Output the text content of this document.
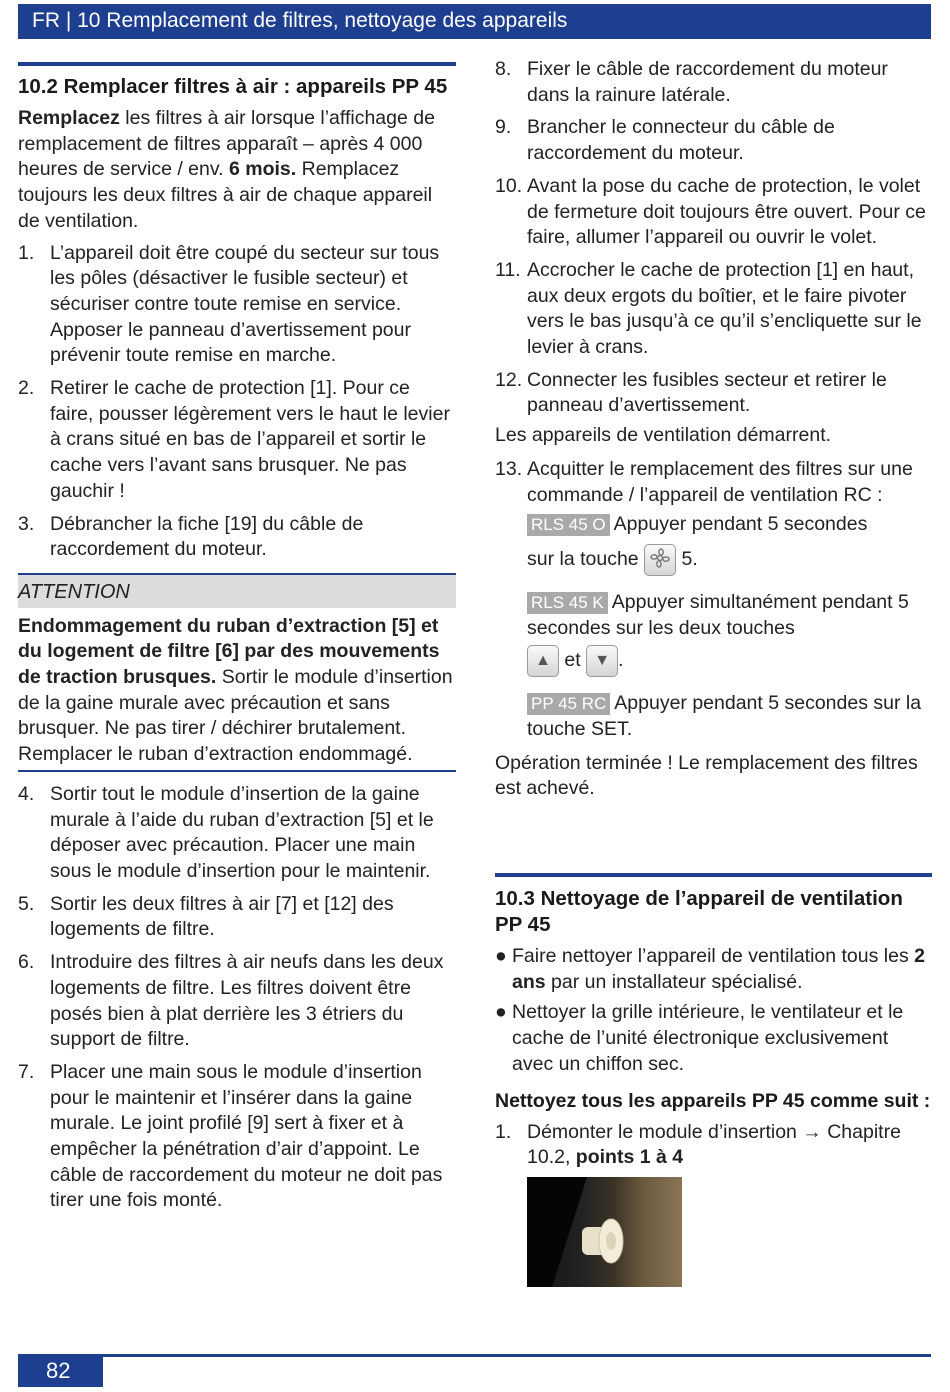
FR | 10 Remplacement de filtres, nettoyage des appareils
10.2 Remplacer filtres à air : appareils PP 45

Remplacez les filtres à air lorsque l’affichage de remplacement de filtres apparaît – après 4 000 heures de service / env. 6 mois. Remplacez toujours les deux filtres à air de chaque appareil de ventilation.

1. L’appareil doit être coupé du secteur sur tous les pôles (désactiver le fusible secteur) et sécuriser contre toute remise en service. Apposer le panneau d’avertissement pour prévenir toute remise en marche.
2. Retirer le cache de protection [1]. Pour ce faire, pousser légèrement vers le haut le levier à crans situé en bas de l’appareil et sortir le cache vers l’avant sans brusquer. Ne pas gauchir !
3. Débrancher la fiche [19] du câble de raccordement du moteur.
ATTENTION

Endommagement du ruban d’extraction [5] et du logement de filtre [6] par des mouvements de traction brusques. Sortir le module d’insertion de la gaine murale avec précaution et sans brusquer. Ne pas tirer / déchirer brutalement. Remplacer le ruban d’extraction endommagé.

4. Sortir tout le module d’insertion de la gaine murale à l’aide du ruban d’extraction [5] et le déposer avec précaution. Placer une main sous le module d’insertion pour le maintenir.
5. Sortir les deux filtres à air [7] et [12] des logements de filtre.
6. Introduire des filtres à air neufs dans les deux logements de filtre. Les filtres doivent être posés bien à plat derrière les 3 étriers du support de filtre.
7. Placer une main sous le module d’insertion pour le maintenir et l’insérer dans la gaine murale. Le joint profilé [9] sert à fixer et à empêcher la pénétration d’air d’appoint. Le câble de raccordement du moteur ne doit pas tirer une fois monté.
8. Fixer le câble de raccordement du moteur dans la rainure latérale.
9. Brancher le connecteur du câble de raccordement du moteur.
10. Avant la pose du cache de protection, le volet de fermeture doit toujours être ouvert. Pour ce faire, allumer l’appareil ou ouvrir le volet.
11. Accrocher le cache de protection [1] en haut, aux deux ergots du boîtier, et le faire pivoter vers le bas jusqu’à ce qu’il s’encliquette sur le levier à crans.
12. Connecter les fusibles secteur et retirer le panneau d’avertissement.

Les appareils de ventilation démarrent.

13. Acquitter le remplacement des filtres sur une commande / l’appareil de ventilation RC :
RLS 45 O Appuyer pendant 5 secondes

sur la touche 5.
RLS 45 K Appuyer simultanément pendant 5 secondes sur les deux touches
▲ et ▼ .
PP 45 RC Appuyer pendant 5 secondes sur la touche SET.

Opération terminée ! Le remplacement des filtres est achevé.

10.3 Nettoyage de l’appareil de ventilation PP 45
● Faire nettoyer l’appareil de ventilation tous les 2 ans par un installateur spécialisé.
● Nettoyer la grille intérieure, le ventilateur et le cache de l’unité électronique exclusivement avec un chiffon sec.
Nettoyez tous les appareils PP 45 comme suit :
1. Démonter le module d’insertion → Chapitre 10.2, points 1 à 4
82
